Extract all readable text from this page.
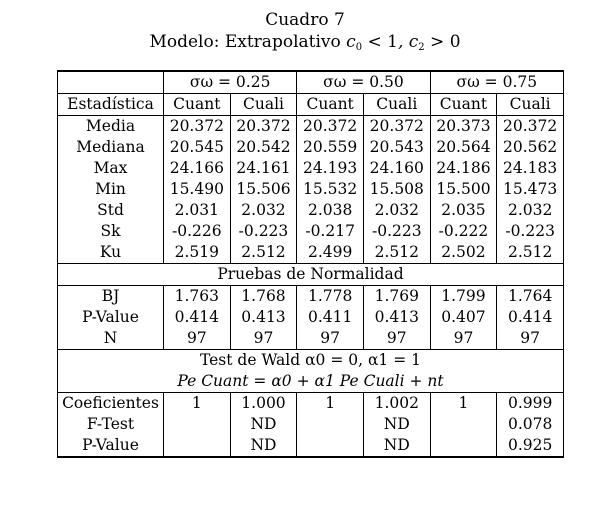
Cuadro 7
Modelo: Extrapolativo $c_0 < 1$, $c_2 > 0$
	σω = 0.25		σω = 0.50		σω = 0.75	
Estadística	Cuant	Cuali	Cuant	Cuali	Cuant	Cuali
Media	20.372	20.372	20.372	20.372	20.373	20.372
Mediana	20.545	20.542	20.559	20.543	20.564	20.562
Max	24.166	24.161	24.193	24.160	24.186	24.183
Min	15.490	15.506	15.532	15.508	15.500	15.473
Std	2.031	2.032	2.038	2.032	2.035	2.032
Sk	-0.226	-0.223	-0.217	-0.223	-0.222	-0.223
Ku	2.519	2.512	2.499	2.512	2.502	2.512
Pruebas de Normalidad						
BJ	1.763	1.768	1.778	1.769	1.799	1.764
P-Value	0.414	0.413	0.411	0.413	0.407	0.414
N	97	97	97	97	97	97
Test de Wald α0 = 0, α1 = 1						
Pe Cuant = α0 + α1 Pe Cuali + nt						
Coeficientes	1	1.000	1	1.002	1	0.999
F-Test		ND		ND		0.078
P-Value		ND		ND		0.925
